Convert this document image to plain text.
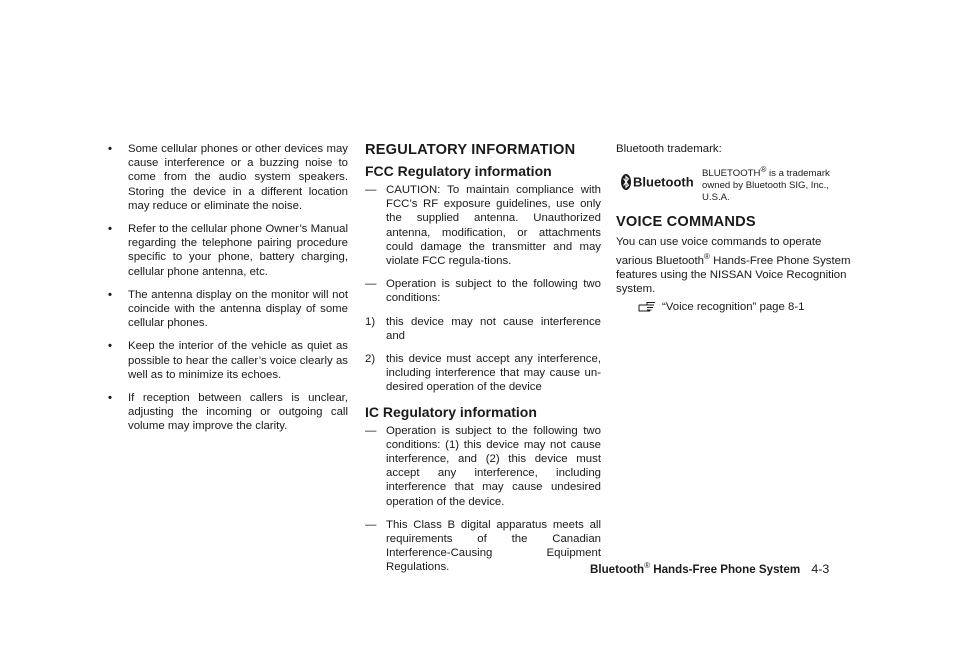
• Some cellular phones or other devices may cause interference or a buzzing noise to come from the audio system speakers. Storing the device in a different location may reduce or eliminate the noise.
• Refer to the cellular phone Owner’s Manual regarding the telephone pairing procedure specific to your phone, battery charging, cellular phone antenna, etc.
• The antenna display on the monitor will not coincide with the antenna display of some cellular phones.
• Keep the interior of the vehicle as quiet as possible to hear the caller’s voice clearly as well as to minimize its echoes.
• If reception between callers is unclear, adjusting the incoming or outgoing call volume may improve the clarity.
REGULATORY INFORMATION
FCC Regulatory information
— CAUTION: To maintain compliance with FCC’s RF exposure guidelines, use only the supplied antenna. Unauthorized antenna, modification, or attachments could damage the transmitter and may violate FCC regula-tions.
— Operation is subject to the following two conditions:
1) this device may not cause interference and
2) this device must accept any interference, including interference that may cause un-desired operation of the device
IC Regulatory information
— Operation is subject to the following two conditions: (1) this device may not cause interference, and (2) this device must accept any interference, including interference that may cause undesired operation of the device.
— This Class B digital apparatus meets all requirements of the Canadian Interference-Causing Equipment Regulations.
Bluetooth trademark:
Bluetooth
BLUETOOTH® is a trademark owned by Bluetooth SIG, Inc., U.S.A.
VOICE COMMANDS
You can use voice commands to operate various Bluetooth® Hands-Free Phone System features using the NISSAN Voice Recognition system.
“Voice recognition” page 8-1
Bluetooth® Hands-Free Phone System 4-3
